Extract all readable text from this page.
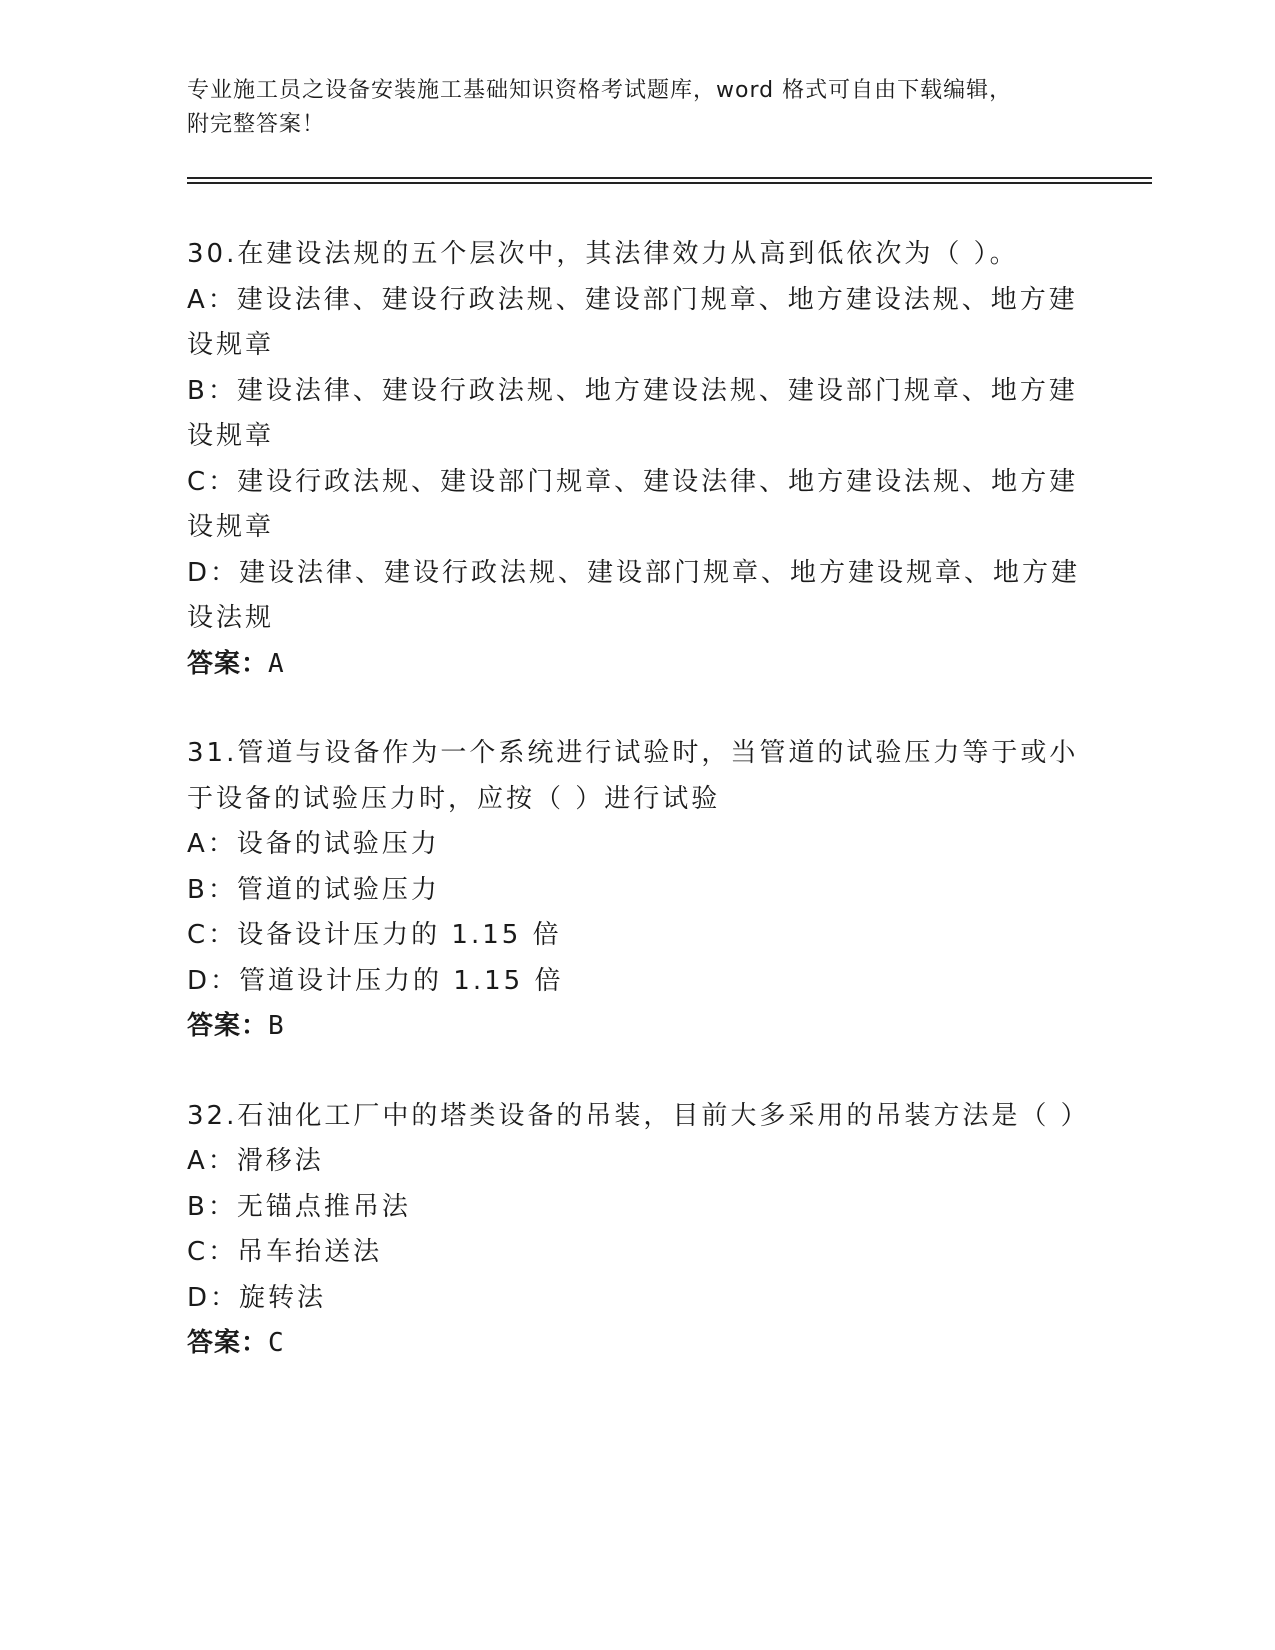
专业施工员之设备安装施工基础知识资格考试题库，word 格式可自由下载编辑，
附完整答案！

30.在建设法规的五个层次中，其法律效力从高到低依次为（ ）。

A：建设法律、建设行政法规、建设部门规章、地方建设法规、地方建设规章

B：建设法律、建设行政法规、地方建设法规、建设部门规章、地方建设规章

C：建设行政法规、建设部门规章、建设法律、地方建设法规、地方建设规章

D：建设法律、建设行政法规、建设部门规章、地方建设规章、地方建设法规

答案：A

31.管道与设备作为一个系统进行试验时，当管道的试验压力等于或小于设备的试验压力时，应按（ ）进行试验

A：设备的试验压力

B：管道的试验压力

C：设备设计压力的 1.15 倍

D：管道设计压力的 1.15 倍

答案：B

32.石油化工厂中的塔类设备的吊装，目前大多采用的吊装方法是（ ）

A：滑移法

B：无锚点推吊法

C：吊车抬送法

D：旋转法

答案：C
